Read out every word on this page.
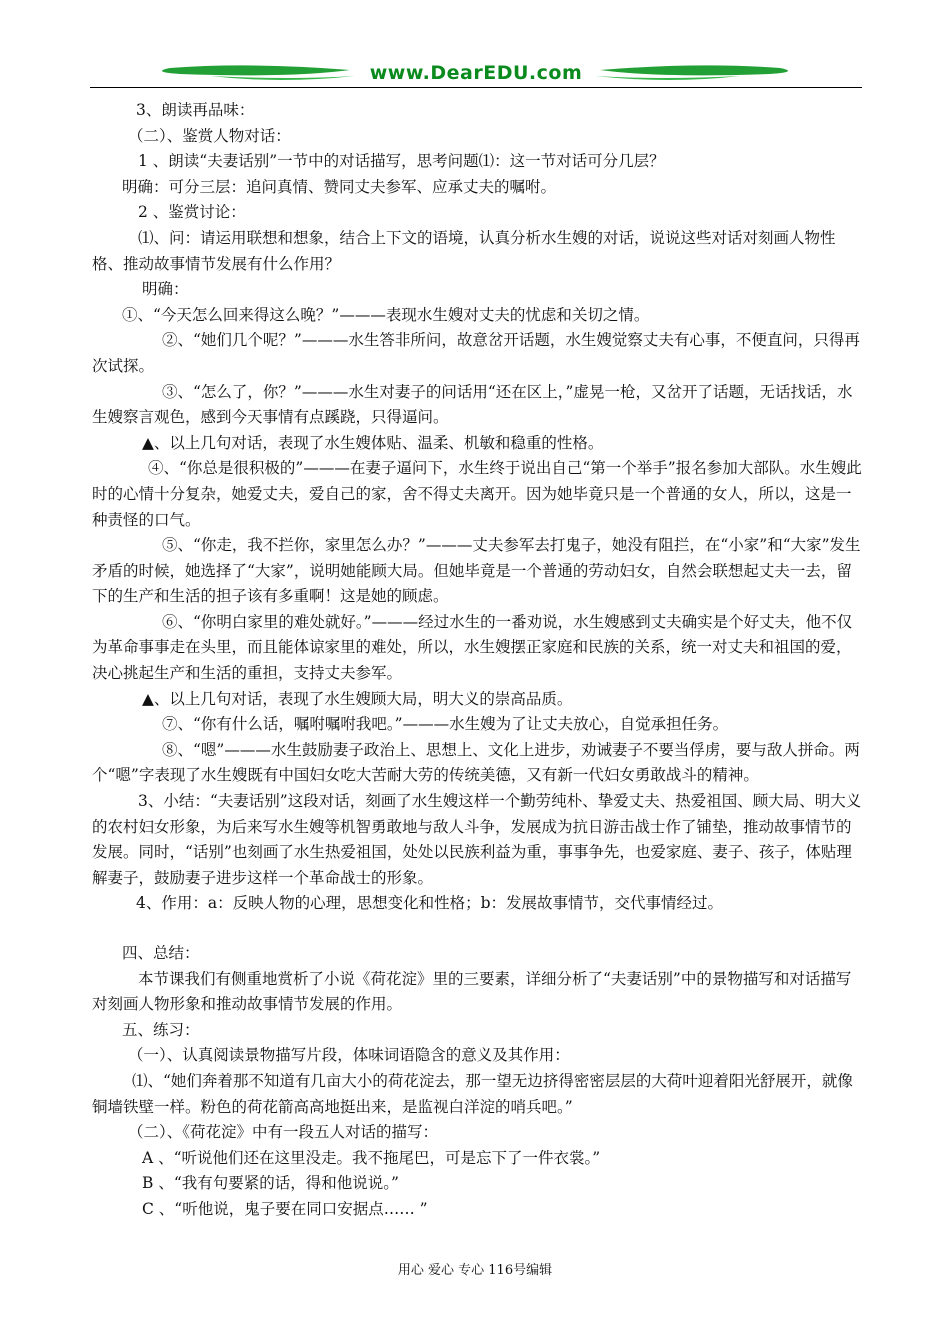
www.DearEDU.com

3、朗读再品味：

（二）、鉴赏人物对话：

1 、朗读“夫妻话别”一节中的对话描写，思考问题⑴：这一节对话可分几层？

明确：可分三层：追问真情、赞同丈夫参军、应承丈夫的嘱咐。

2 、鉴赏讨论：

⑴、问：请运用联想和想象，结合上下文的语境，认真分析水生嫂的对话，说说这些对话对刻画人物性格、推动故事情节发展有什么作用？

明确：

①、“今天怎么回来得这么晚？”———表现水生嫂对丈夫的忧虑和关切之情。

②、“她们几个呢？”———水生答非所问，故意岔开话题，水生嫂觉察丈夫有心事，不便直问，只得再次试探。

③、“怎么了，你？”———水生对妻子的问话用“还在区上，”虚晃一枪，又岔开了话题，无话找话，水生嫂察言观色，感到今天事情有点蹊跷，只得逼问。

▲、以上几句对话，表现了水生嫂体贴、温柔、机敏和稳重的性格。

④、“你总是很积极的”———在妻子逼问下，水生终于说出自己“第一个举手”报名参加大部队。水生嫂此时的心情十分复杂，她爱丈夫，爱自己的家，舍不得丈夫离开。因为她毕竟只是一个普通的女人，所以，这是一种责怪的口气。

⑤、“你走，我不拦你，家里怎么办？”———丈夫参军去打鬼子，她没有阻拦，在“小家”和“大家”发生矛盾的时候，她选择了“大家”，说明她能顾大局。但她毕竟是一个普通的劳动妇女，自然会联想起丈夫一去，留下的生产和生活的担子该有多重啊！这是她的顾虑。

⑥、“你明白家里的难处就好。”———经过水生的一番劝说，水生嫂感到丈夫确实是个好丈夫，他不仅为革命事事走在头里，而且能体谅家里的难处，所以，水生嫂摆正家庭和民族的关系，统一对丈夫和祖国的爱，决心挑起生产和生活的重担，支持丈夫参军。

▲、以上几句对话，表现了水生嫂顾大局，明大义的崇高品质。

⑦、“你有什么话，嘱咐嘱咐我吧。”———水生嫂为了让丈夫放心，自觉承担任务。

⑧、“嗯”———水生鼓励妻子政治上、思想上、文化上进步，劝诫妻子不要当俘虏，要与敌人拼命。两个“嗯”字表现了水生嫂既有中国妇女吃大苦耐大劳的传统美德，又有新一代妇女勇敢战斗的精神。

3、小结：“夫妻话别”这段对话，刻画了水生嫂这样一个勤劳纯朴、挚爱丈夫、热爱祖国、顾大局、明大义的农村妇女形象，为后来写水生嫂等机智勇敢地与敌人斗争，发展成为抗日游击战士作了铺垫，推动故事情节的发展。同时，“话别”也刻画了水生热爱祖国，处处以民族利益为重，事事争先，也爱家庭、妻子、孩子，体贴理解妻子，鼓励妻子进步这样一个革命战士的形象。

4、作用：a：反映人物的心理，思想变化和性格；b：发展故事情节，交代事情经过。

四、总结：

本节课我们有侧重地赏析了小说《荷花淀》里的三要素，详细分析了“夫妻话别”中的景物描写和对话描写对刻画人物形象和推动故事情节发展的作用。

五、练习：

（一）、认真阅读景物描写片段，体味词语隐含的意义及其作用：

⑴、“她们奔着那不知道有几亩大小的荷花淀去，那一望无边挤得密密层层的大荷叶迎着阳光舒展开，就像铜墙铁壁一样。粉色的荷花箭高高地挺出来，是监视白洋淀的哨兵吧。”

（二）、《荷花淀》中有一段五人对话的描写：

A 、“听说他们还在这里没走。我不拖尾巴，可是忘下了一件衣裳。”

B 、“我有句要紧的话，得和他说说。”

C 、“听他说，鬼子要在同口安据点…… ”

用心 爱心 专心 116号编辑
